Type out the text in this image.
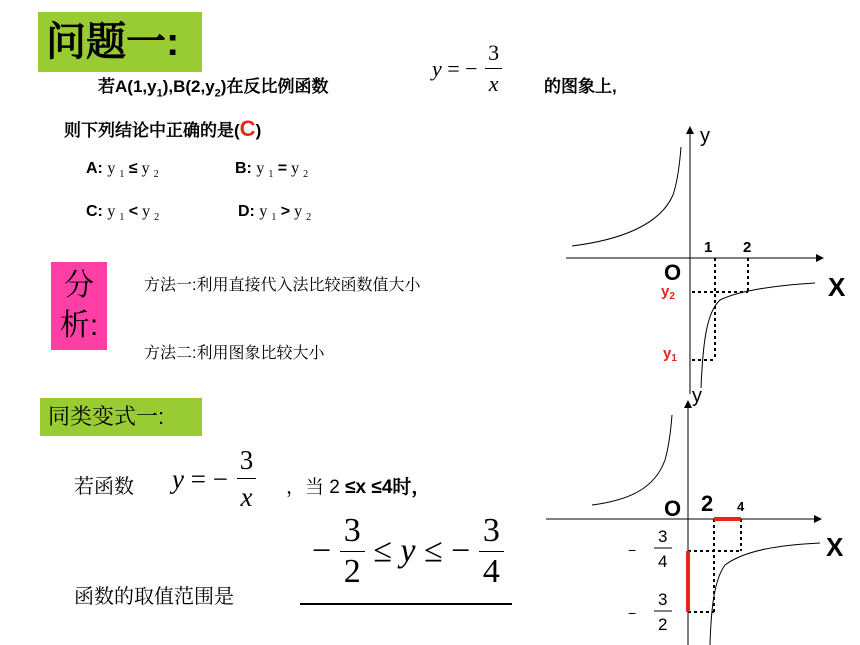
问题一:
若$A(1,y_1),B(2,y_2)$在反比例函数
y = − $\frac{3}{x}$ 的图象上,
则下列结论中正确的是(C)
A: y $_1$ ≤ y $_2$	B: y $_1$ = y $_2$
C: y $_1$ < y $_2$	D: y $_1$ > y $_2$
分
析:
方法一:利用直接代入法比较函数值大小
方法二:利用图象比较大小
同类变式一:
若函数 y = − $\frac{3}{x}$ ，当 2 ≤x ≤4时，
− $\frac{3}{2} \le y$ ≤ − $\frac{3}{4}$
函数的取值范围是
y
X
O
1 2
$y_2$
$y_1$
y
X
O 2 4
−
3
4
−
3
2
